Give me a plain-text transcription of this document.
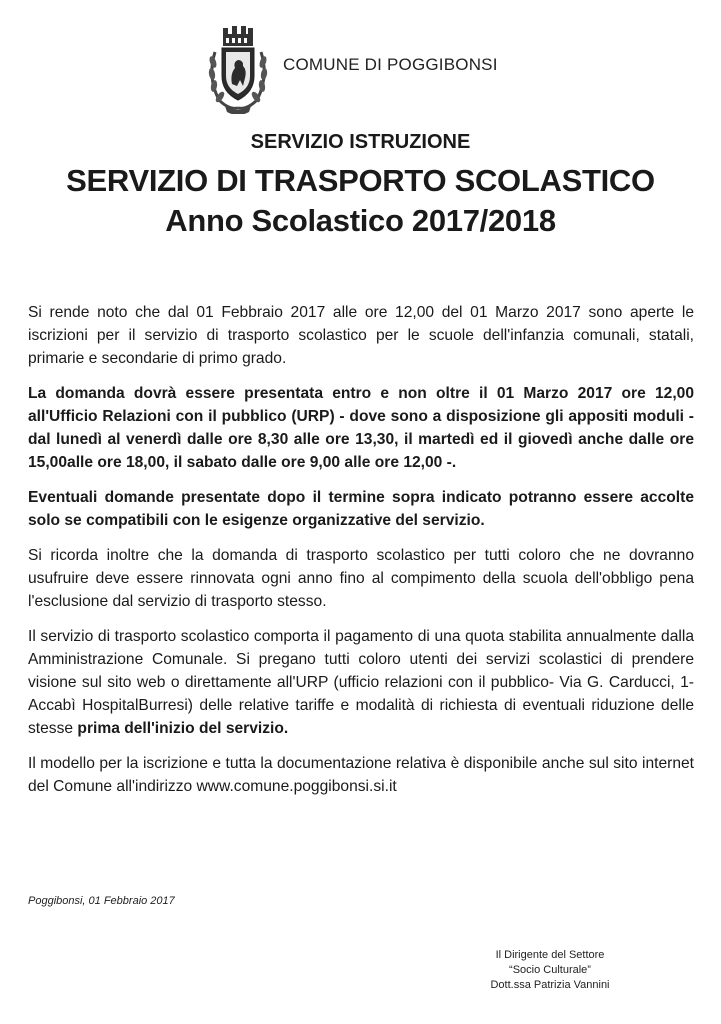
COMUNE DI POGGIBONSI
SERVIZIO ISTRUZIONE
SERVIZIO DI TRASPORTO SCOLASTICO
Anno Scolastico 2017/2018

Si rende noto che dal 01 Febbraio 2017 alle ore 12,00 del 01 Marzo 2017 sono aperte le iscrizioni per il servizio di trasporto scolastico per le scuole dell'infanzia comunali, statali, primarie e secondarie di primo grado.

La domanda dovrà essere presentata entro e non oltre il 01 Marzo 2017 ore 12,00 all'Ufficio Relazioni con il pubblico (URP) - dove sono a disposizione gli appositi moduli - dal lunedì al venerdì dalle ore 8,30 alle ore 13,30, il martedì ed il giovedì anche dalle ore 15,00alle ore 18,00, il sabato dalle ore 9,00 alle ore 12,00 -.

Eventuali domande presentate dopo il termine sopra indicato potranno essere accolte solo se compatibili con le esigenze organizzative del servizio.

Si ricorda inoltre che la domanda di trasporto scolastico per tutti coloro che ne dovranno usufruire deve essere rinnovata ogni anno fino al compimento della scuola dell'obbligo pena l'esclusione dal servizio di trasporto stesso.

Il servizio di trasporto scolastico comporta il pagamento di una quota stabilita annualmente dalla Amministrazione Comunale. Si pregano tutti coloro utenti dei servizi scolastici di prendere visione sul sito web o direttamente all'URP (ufficio relazioni con il pubblico- Via G. Carducci, 1- Accabì HospitalBurresi) delle relative tariffe e modalità di richiesta di eventuali riduzione delle stesse prima dell'inizio del servizio.

Il modello per la iscrizione e tutta la documentazione relativa è disponibile anche sul sito internet del Comune all'indirizzo www.comune.poggibonsi.si.it

Poggibonsi, 01 Febbraio 2017
Il Dirigente del Settore
“Socio Culturale”
Dott.ssa Patrizia Vannini
